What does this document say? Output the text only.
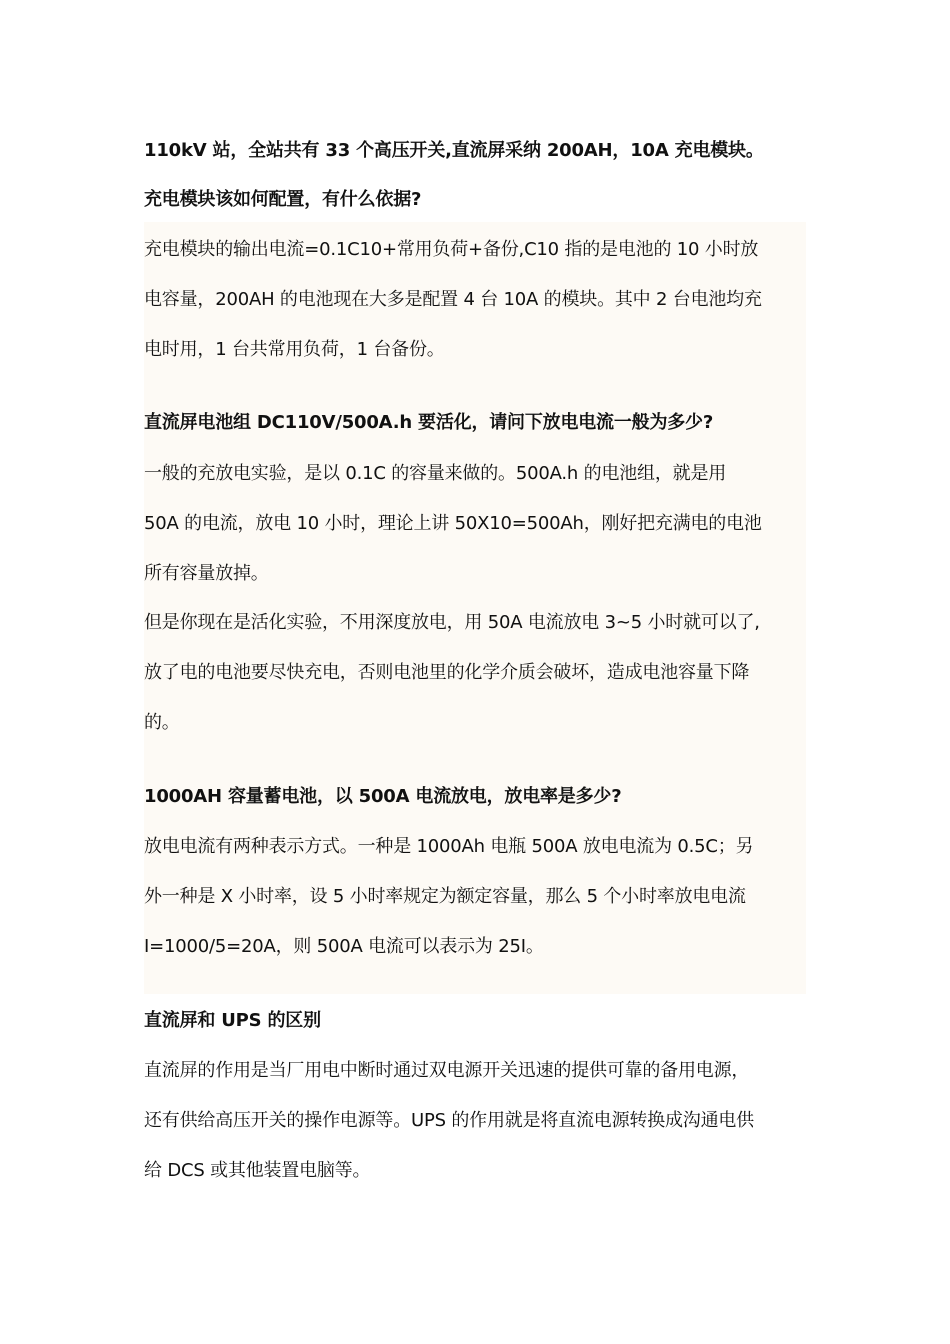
110kV 站，全站共有 33 个高压开关,直流屏采纳 200AH，10A 充电模块。
充电模块该如何配置，有什么依据?
充电模块的输出电流=0.1C10+常用负荷+备份,C10 指的是电池的 10 小时放
电容量，200AH 的电池现在大多是配置 4 台 10A 的模块。其中 2 台电池均充
电时用，1 台共常用负荷，1 台备份。
直流屏电池组 DC110V/500A.h 要活化，请问下放电电流一般为多少?
一般的充放电实验，是以 0.1C 的容量来做的。500A.h 的电池组，就是用
50A 的电流，放电 10 小时，理论上讲 50X10=500Ah，刚好把充满电的电池
所有容量放掉。
但是你现在是活化实验，不用深度放电，用 50A 电流放电 3~5 小时就可以了,
放了电的电池要尽快充电，否则电池里的化学介质会破坏，造成电池容量下降
的。
1000AH 容量蓄电池，以 500A 电流放电，放电率是多少?
放电电流有两种表示方式。一种是 1000Ah 电瓶 500A 放电电流为 0.5C；另
外一种是 X 小时率，设 5 小时率规定为额定容量，那么 5 个小时率放电电流
I=1000/5=20A，则 500A 电流可以表示为 25I。
直流屏和 UPS 的区别
直流屏的作用是当厂用电中断时通过双电源开关迅速的提供可靠的备用电源，
还有供给高压开关的操作电源等。UPS 的作用就是将直流电源转换成沟通电供
给 DCS 或其他装置电脑等。
